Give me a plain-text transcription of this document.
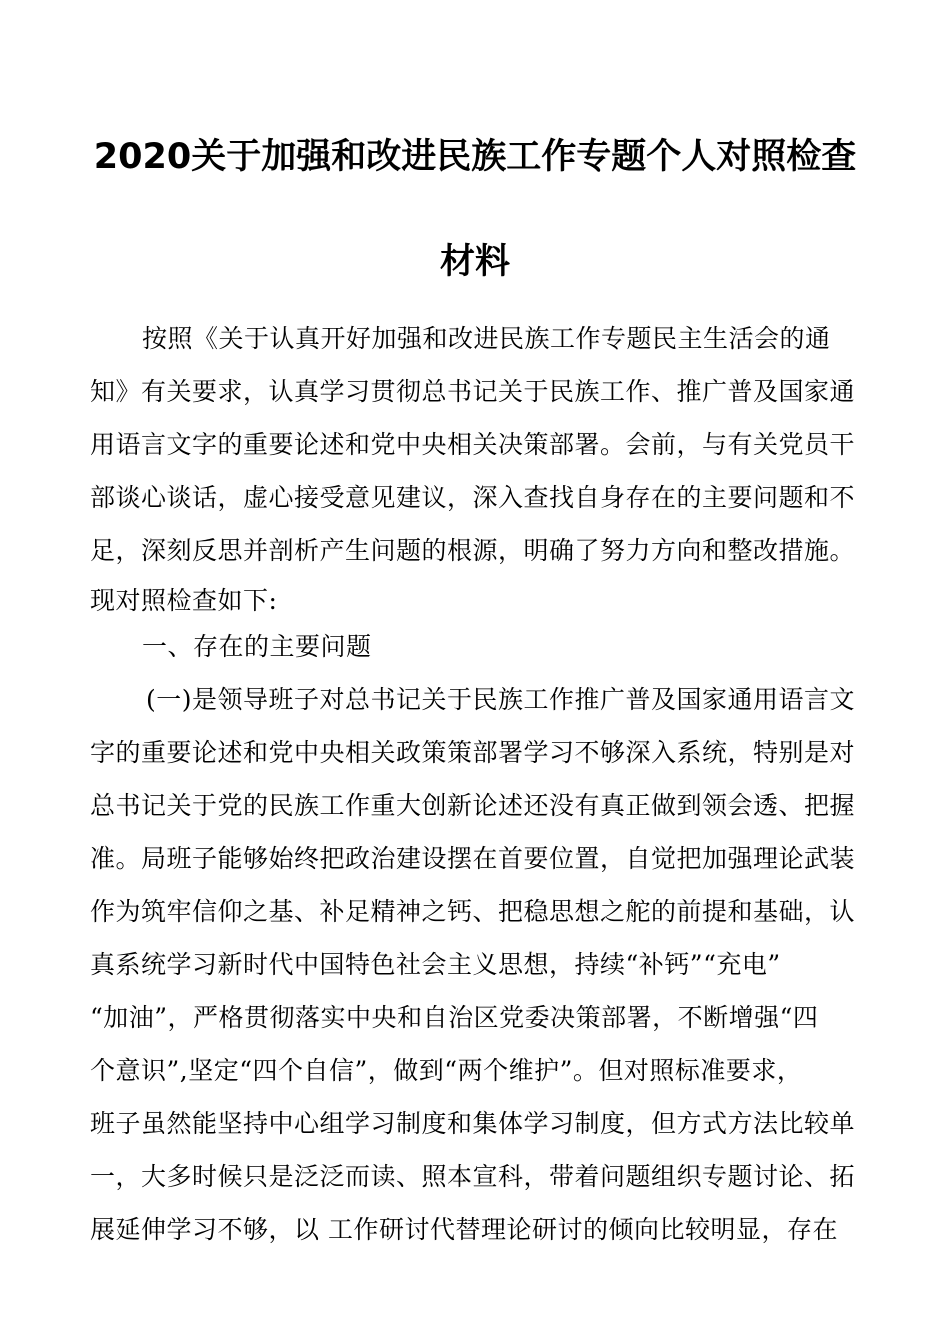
2020关于加强和改进民族工作专题个人对照检查
材料
按照《关于认真开好加强和改进民族工作专题民主生活会的通
知》有关要求，认真学习贯彻总书记关于民族工作、推广普及国家通
用语言文字的重要论述和党中央相关决策部署。会前，与有关党员干
部谈心谈话，虚心接受意见建议，深入查找自身存在的主要问题和不
足，深刻反思并剖析产生问题的根源，明确了努力方向和整改措施。
现对照检查如下:
一、存在的主要问题
(一)是领导班子对总书记关于民族工作推广普及国家通用语言文
字的重要论述和党中央相关政策策部署学习不够深入系统，特别是对
总书记关于党的民族工作重大创新论述还没有真正做到领会透、把握
准。局班子能够始终把政治建设摆在首要位置，自觉把加强理论武装
作为筑牢信仰之基、补足精神之钙、把稳思想之舵的前提和基础，认
真系统学习新时代中国特色社会主义思想，持续“补钙”“充电”
“加油”，严格贯彻落实中央和自治区党委决策部署，不断增强“四
个意识”,坚定“四个自信”，做到“两个维护”。但对照标准要求，
班子虽然能坚持中心组学习制度和集体学习制度，但方式方法比较单
一，大多时候只是泛泛而读、照本宣科，带着问题组织专题讨论、拓
展延伸学习不够，以 工作研讨代替理论研讨的倾向比较明显，存在
